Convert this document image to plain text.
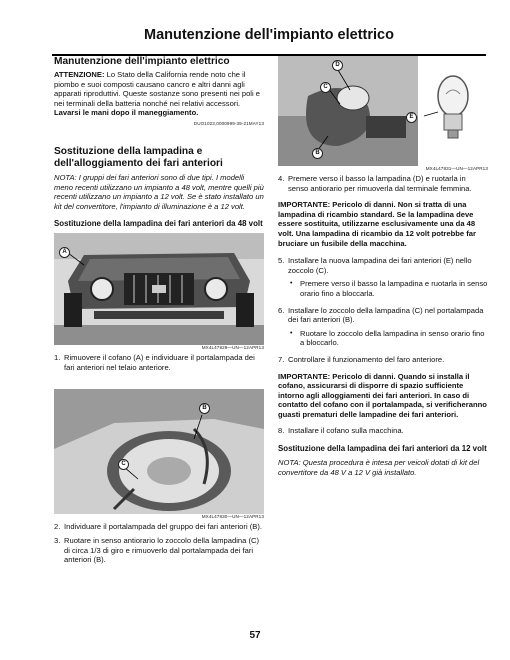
Manutenzione dell'impianto elettrico

Manutenzione dell'impianto elettrico

ATTENZIONE: Lo Stato della California rende noto che il piombo e suoi composti causano cancro e altri danni agli apparati riproduttivi. Queste sostanze sono presenti nei poli e nei terminali della batteria nonché nei relativi accessori. Lavarsi le mani dopo il maneggiamento.

DUO1023,0000999-39-21MAY13

Sostituzione della lampadina e dell'alloggiamento dei fari anteriori

NOTA: I gruppi dei fari anteriori sono di due tipi. I modelli meno recenti utilizzano un impianto a 48 volt, mentre quelli più recenti utilizzano un impianto a 12 volt. Se è stato installato un kit del convertitore, l'impianto di illuminazione è a 12 volt.

Sostituzione della lampadina dei fari anteriori da 48 volt

A
MX4L47829—UN—12APR13
1. Rimuovere il cofano (A) e individuare il portalampada dei fari anteriori nel telaio anteriore.
B
C
MX4L47830—UN—12APR13
2. Individuare il portalampada del gruppo dei fari anteriori (B).
3. Ruotare in senso antiorario lo zoccolo della lampadina (C) di circa 1/3 di giro e rimuoverlo dal portalampada dei fari anteriori (B).
D
C
B
E
MX4L47831—UN—12APR13
4. Premere verso il basso la lampadina (D) e ruotarla in senso antiorario per rimuoverla dal terminale femmina.

IMPORTANTE: Pericolo di danni. Non si tratta di una lampadina di ricambio standard. Se la lampadina deve essere sostituita, utilizzarne esclusivamente una da 48 volt. Una lampadina di ricambio da 12 volt potrebbe far bruciare un fusibile della macchina.

5. Installare la nuova lampadina dei fari anteriori (E) nello zoccolo (C).
• Premere verso il basso la lampadina e ruotarla in senso orario fino a bloccarla.
6. Installare lo zoccolo della lampadina (C) nel portalampada dei fari anteriori (B).
• Ruotare lo zoccolo della lampadina in senso orario fino a bloccarlo.
7. Controllare il funzionamento del faro anteriore.

IMPORTANTE: Pericolo di danni. Quando si installa il cofano, assicurarsi di disporre di spazio sufficiente intorno agli alloggiamenti dei fari anteriori. In caso di contatto del cofano con il portalampada, si verificheranno guasti prematuri delle lampadine dei fari anteriori.

8. Installare il cofano sulla macchina.

Sostituzione della lampadina dei fari anteriori da 12 volt

NOTA: Questa procedura è intesa per veicoli dotati di kit del convertitore da 48 V a 12 V già installato.

57
